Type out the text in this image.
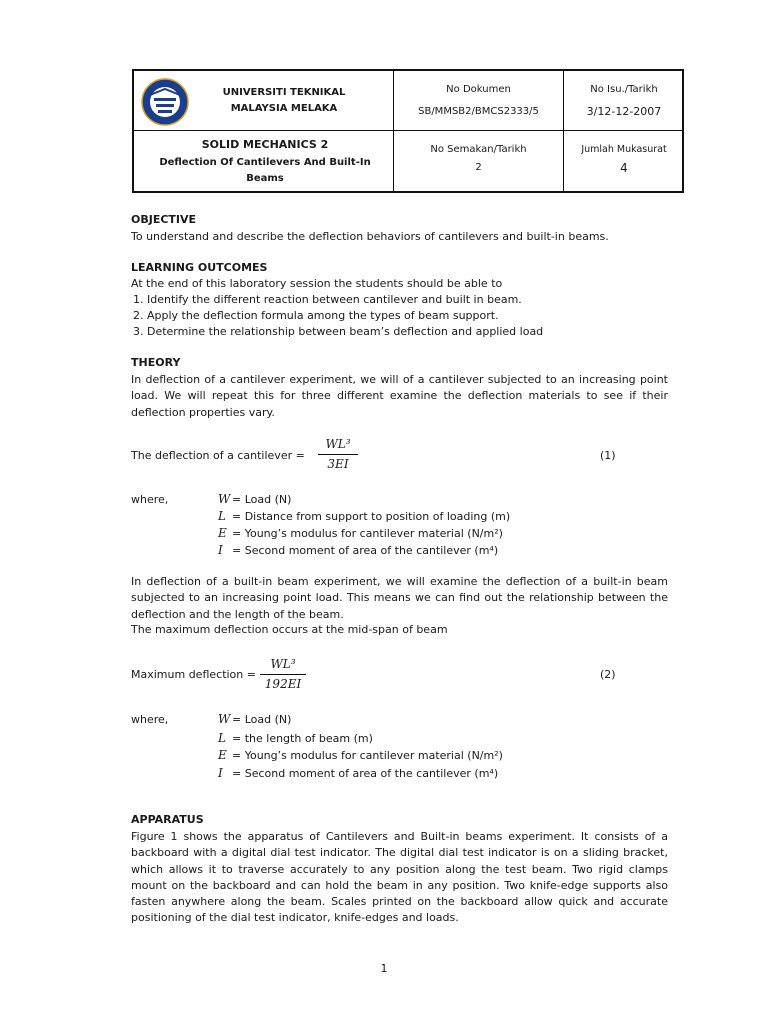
UNIVERSITI TEKNIKAL
MALAYSIA MELAKA
No Dokumen
SB/MMSB2/BMCS2333/5
No Isu./Tarikh
3/12-12-2007
SOLID MECHANICS 2
Deflection Of Cantilevers And Built-In
Beams
No Semakan/Tarikh
2
Jumlah Mukasurat
4
OBJECTIVE
To understand and describe the deflection behaviors of cantilevers and built-in beams.
LEARNING OUTCOMES
At the end of this laboratory session the students should be able to
1. Identify the different reaction between cantilever and built in beam.
2. Apply the deflection formula among the types of beam support.
3. Determine the relationship between beam’s deflection and applied load
THEORY
In deflection of a cantilever experiment, we will of a cantilever subjected to an increasing point load. We will repeat this for three different examine the deflection materials to see if their deflection properties vary.
The deflection of a cantilever =
WL³
3EI
(1)
where,	W = Load (N)
L = Distance from support to position of loading (m)
E = Young’s modulus for cantilever material (N/m²)
I = Second moment of area of the cantilever (m⁴)
In deflection of a built-in beam experiment, we will examine the deflection of a built-in beam subjected to an increasing point load. This means we can find out the relationship between the deflection and the length of the beam.
The maximum deflection occurs at the mid-span of beam
Maximum deflection =
WL³
192EI
(2)
where,	W = Load (N)
L = the length of beam (m)
E = Young’s modulus for cantilever material (N/m²)
I = Second moment of area of the cantilever (m⁴)
APPARATUS
Figure 1 shows the apparatus of Cantilevers and Built-in beams experiment. It consists of a backboard with a digital dial test indicator. The digital dial test indicator is on a sliding bracket, which allows it to traverse accurately to any position along the test beam. Two rigid clamps mount on the backboard and can hold the beam in any position. Two knife-edge supports also fasten anywhere along the beam. Scales printed on the backboard allow quick and accurate positioning of the dial test indicator, knife-edges and loads.
1
